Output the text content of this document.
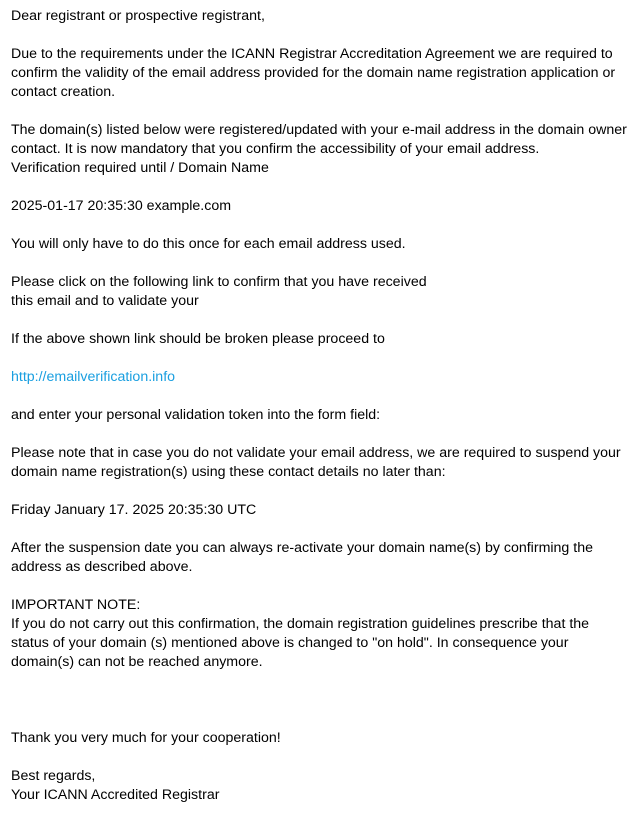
Dear registrant or prospective registrant,
Due to the requirements under the ICANN Registrar Accreditation Agreement we are required to confirm the validity of the email address provided for the domain name registration application or contact creation.
The domain(s) listed below were registered/updated with your e-mail address in the domain owner contact. It is now mandatory that you confirm the accessibility of your email address.
Verification required until / Domain Name
2025-01-17 20:35:30 example.com
You will only have to do this once for each email address used.
Please click on the following link to confirm that you have received
this email and to validate your
If the above shown link should be broken please proceed to
http://emailverification.info
and enter your personal validation token into the form field:
Please note that in case you do not validate your email address, we are required to suspend your domain name registration(s) using these contact details no later than:
Friday January 17. 2025 20:35:30 UTC
After the suspension date you can always re-activate your domain name(s) by confirming the address as described above.
IMPORTANT NOTE:
If you do not carry out this confirmation, the domain registration guidelines prescribe that the status of your domain (s) mentioned above is changed to "on hold". In consequence your domain(s) can not be reached anymore.
Thank you very much for your cooperation!
Best regards,
Your ICANN Accredited Registrar
